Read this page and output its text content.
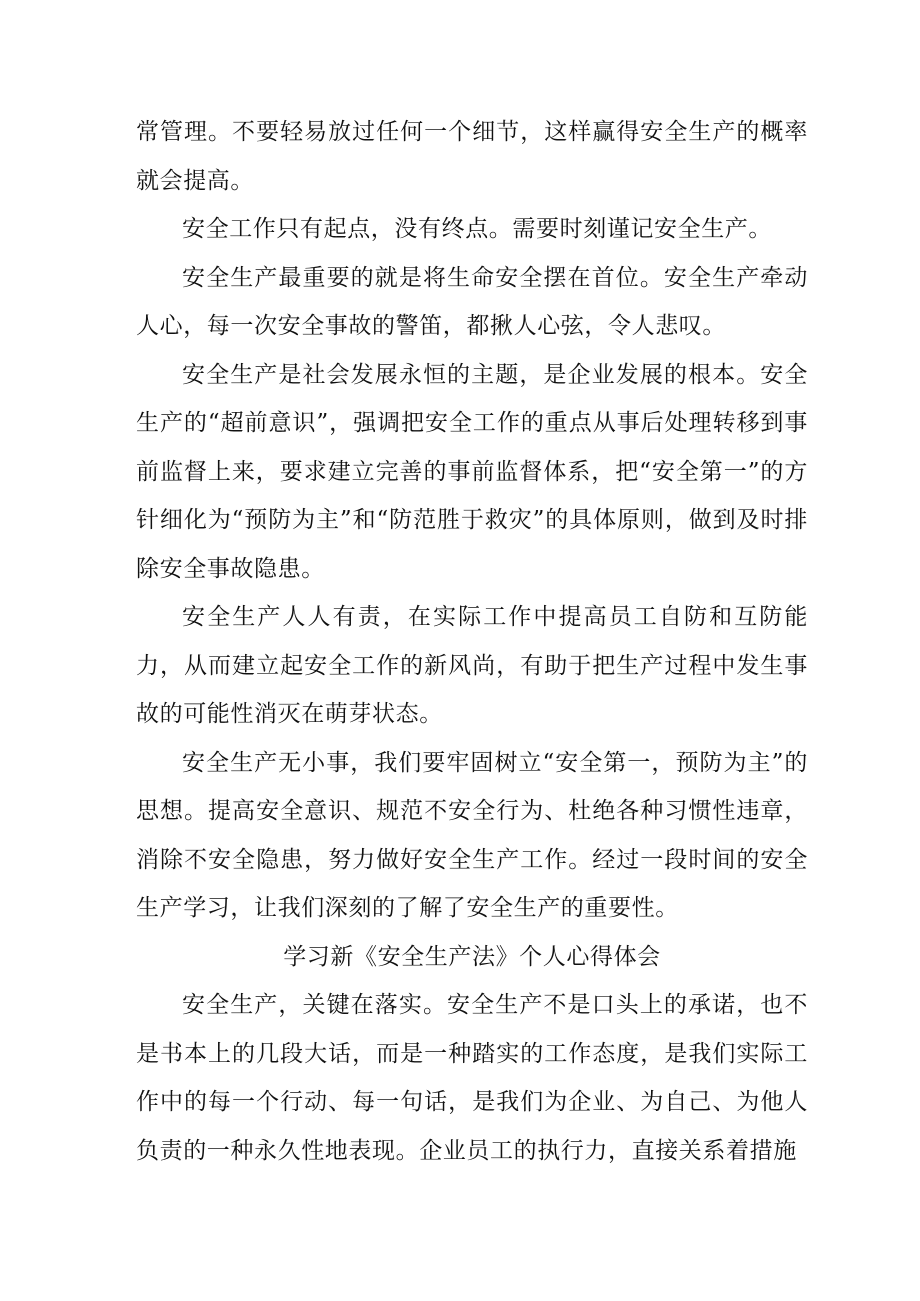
常管理。不要轻易放过任何一个细节，这样赢得安全生产的概率就会提高。

安全工作只有起点，没有终点。需要时刻谨记安全生产。

安全生产最重要的就是将生命安全摆在首位。安全生产牵动人心，每一次安全事故的警笛，都揪人心弦，令人悲叹。

安全生产是社会发展永恒的主题，是企业发展的根本。安全生产的“超前意识”，强调把安全工作的重点从事后处理转移到事前监督上来，要求建立完善的事前监督体系，把“安全第一”的方针细化为“预防为主”和“防范胜于救灾”的具体原则，做到及时排除安全事故隐患。

安全生产人人有责，在实际工作中提高员工自防和互防能力，从而建立起安全工作的新风尚，有助于把生产过程中发生事故的可能性消灭在萌芽状态。

安全生产无小事，我们要牢固树立“安全第一，预防为主”的思想。提高安全意识、规范不安全行为、杜绝各种习惯性违章，消除不安全隐患，努力做好安全生产工作。经过一段时间的安全生产学习，让我们深刻的了解了安全生产的重要性。

学习新《安全生产法》个人心得体会

安全生产，关键在落实。安全生产不是口头上的承诺，也不是书本上的几段大话，而是一种踏实的工作态度，是我们实际工作中的每一个行动、每一句话，是我们为企业、为自己、为他人负责的一种永久性地表现。企业员工的执行力，直接关系着措施
